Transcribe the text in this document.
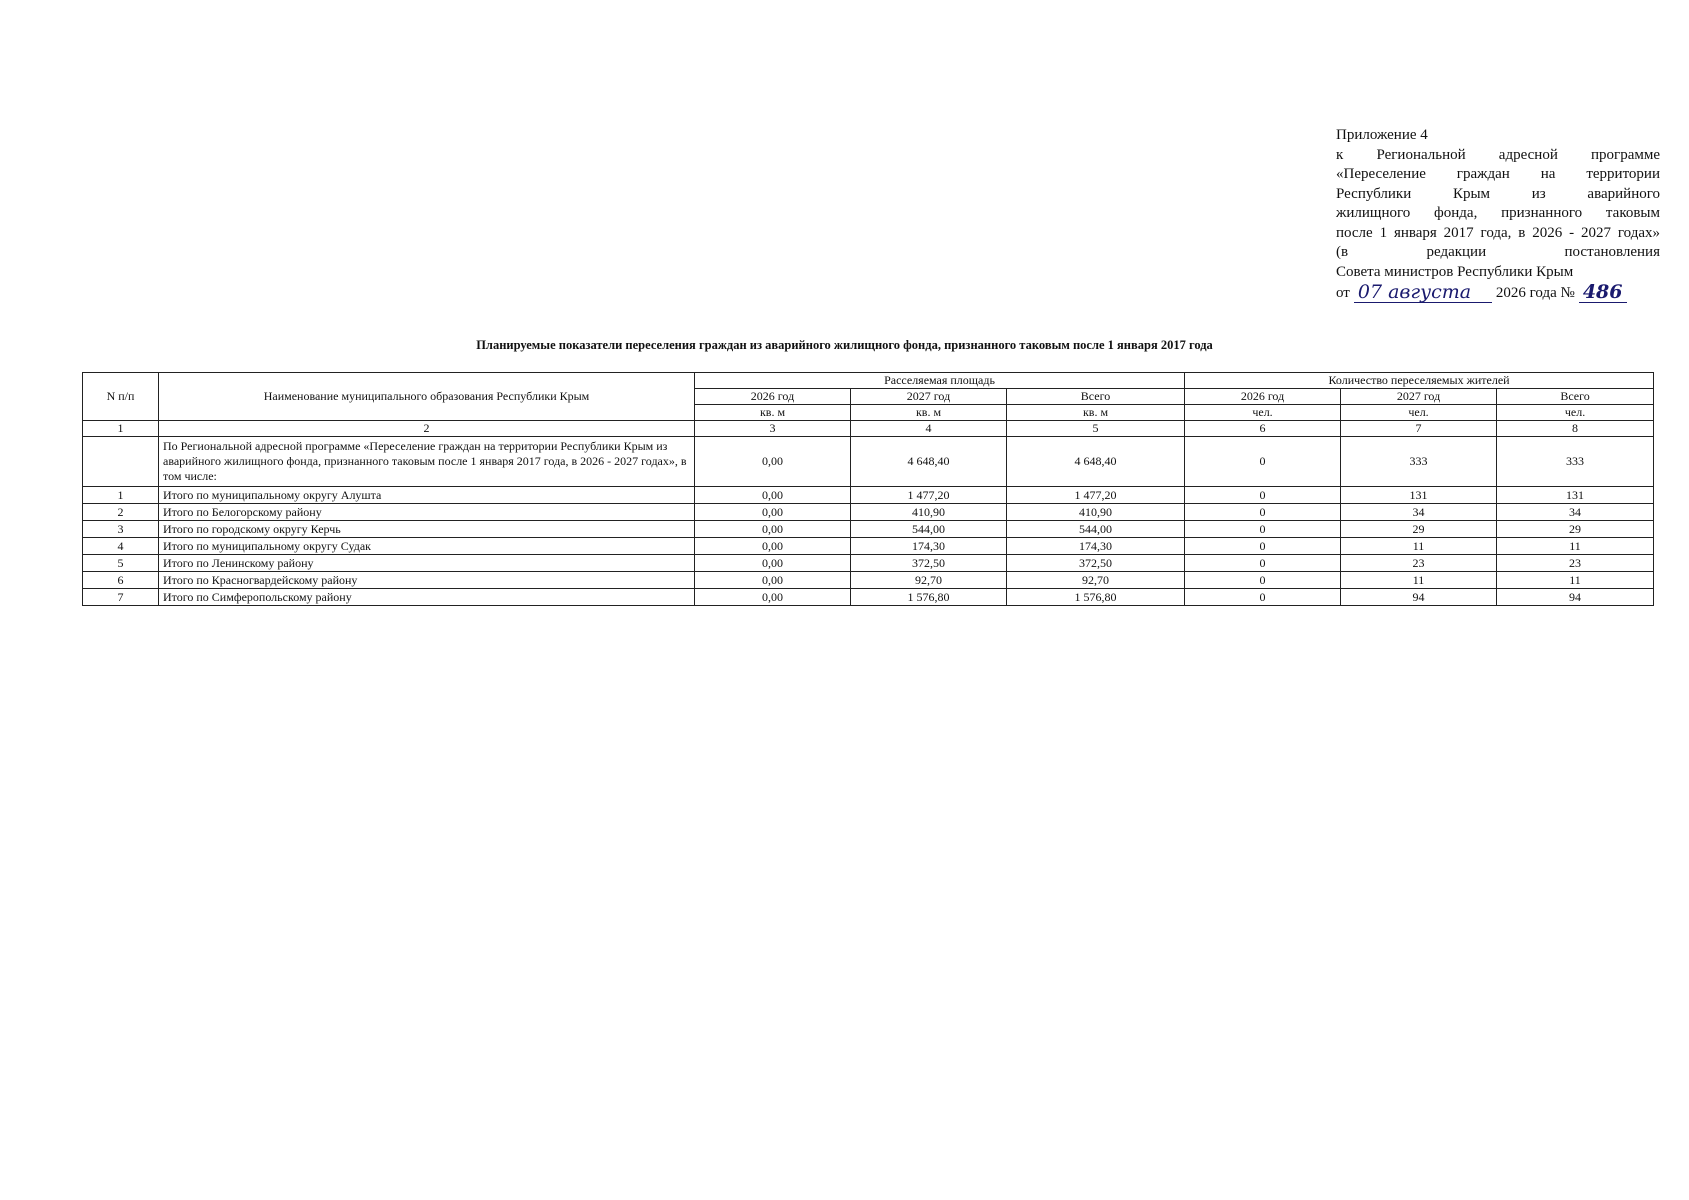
Приложение 4
к Региональной адресной программе
«Переселение граждан на территории
Республики Крым из аварийного
жилищного фонда, признанного таковым
после 1 января 2017 года, в 2026 - 2027 годах»
(в редакции постановления
Совета министров Республики Крым
от 07 августа	2026 года № 486
Планируемые показатели переселения граждан из аварийного жилищного фонда, признанного таковым после 1 января 2017 года
N п/п	Наименование муниципального образования Республики Крым	Расселяемая площадь			Количество переселяемых жителей		
		2026 год	2027 год	Всего	2026 год	2027 год	Всего
		кв. м	кв. м	кв. м	чел.	чел.	чел.
1	2	3	4	5	6	7	8
	По Региональной адресной программе «Переселение граждан на территории Республики Крым из аварийного жилищного фонда, признанного таковым после 1 января 2017 года, в 2026 - 2027 годах», в том числе:	0,00	4 648,40	4 648,40	0	333	333
1	Итого по муниципальному округу Алушта	0,00	1 477,20	1 477,20	0	131	131
2	Итого по Белогорскому району	0,00	410,90	410,90	0	34	34
3	Итого по городскому округу Керчь	0,00	544,00	544,00	0	29	29
4	Итого по муниципальному округу Судак	0,00	174,30	174,30	0	11	11
5	Итого по Ленинскому району	0,00	372,50	372,50	0	23	23
6	Итого по Красногвардейскому району	0,00	92,70	92,70	0	11	11
7	Итого по Симферопольскому району	0,00	1 576,80	1 576,80	0	94	94
